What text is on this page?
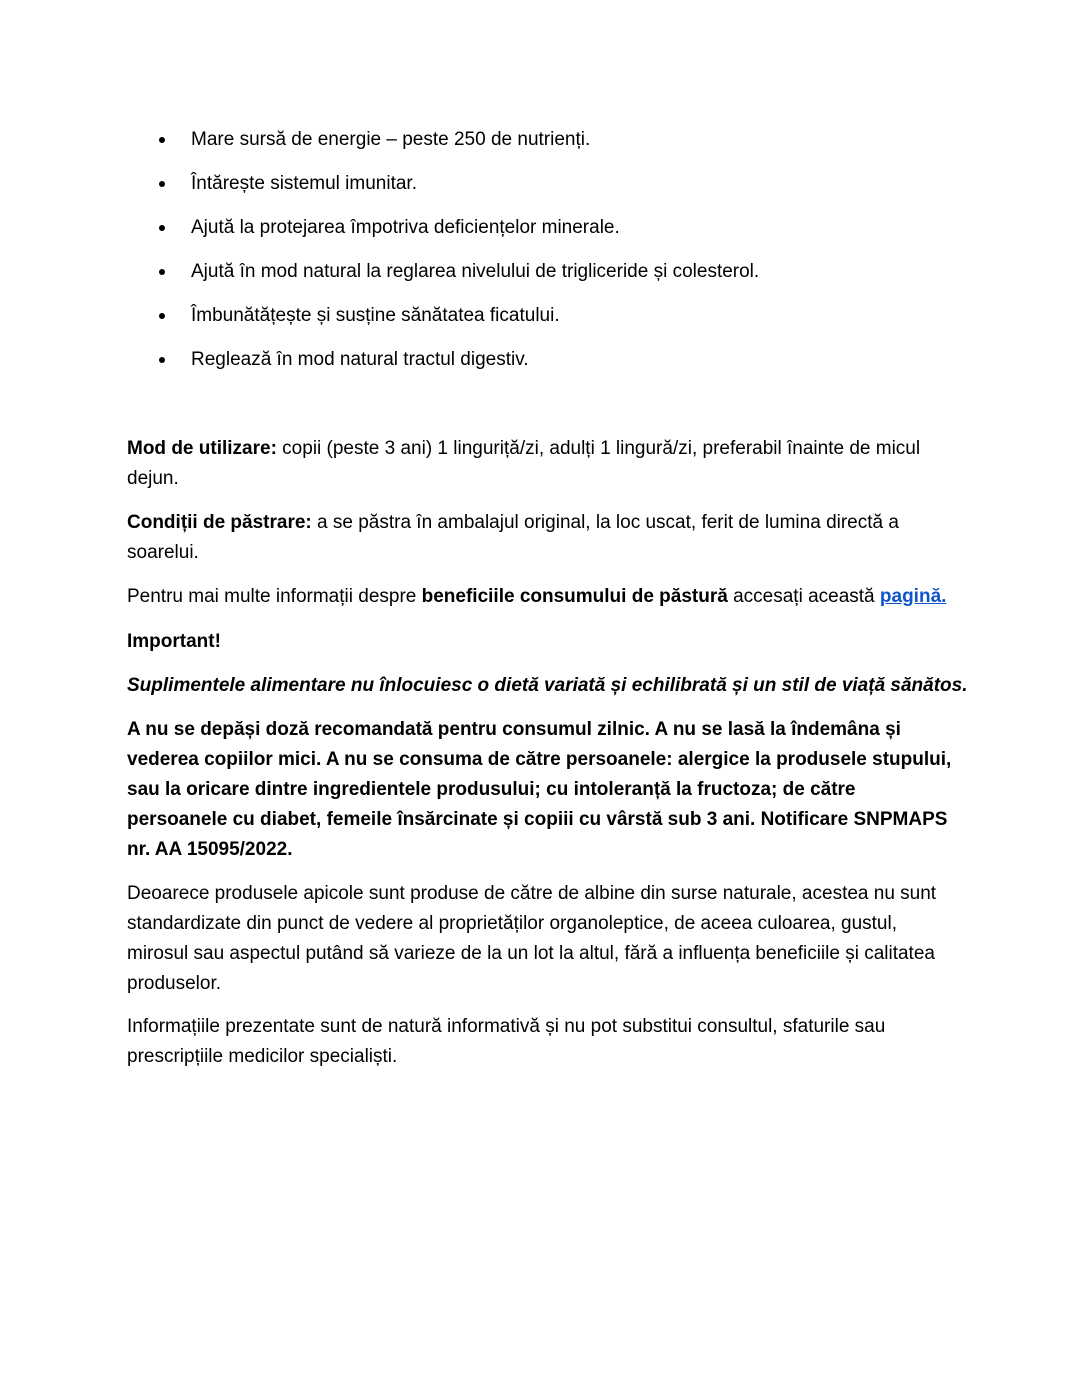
Mare sursă de energie – peste 250 de nutrienți.
Întărește sistemul imunitar.
Ajută la protejarea împotriva deficiențelor minerale.
Ajută în mod natural la reglarea nivelului de trigliceride și colesterol.
Îmbunătățește și susține sănătatea ficatului.
Reglează în mod natural tractul digestiv.

Mod de utilizare: copii (peste 3 ani) 1 linguriță/zi, adulți 1 lingură/zi, preferabil înainte de micul dejun.

Condiții de păstrare: a se păstra în ambalajul original, la loc uscat, ferit de lumina directă a soarelui.

Pentru mai multe informații despre beneficiile consumului de păstură accesați această pagină.

Important!

Suplimentele alimentare nu înlocuiesc o dietă variată și echilibrată și un stil de viață sănătos.

A nu se depăși doză recomandată pentru consumul zilnic. A nu se lasă la îndemâna și vederea copiilor mici. A nu se consuma de către persoanele: alergice la produsele stupului, sau la oricare dintre ingredientele produsului; cu intoleranță la fructoza; de către persoanele cu diabet, femeile însărcinate și copiii cu vârstă sub 3 ani. Notificare SNPMAPS nr. AA 15095/2022.

Deoarece produsele apicole sunt produse de către de albine din surse naturale, acestea nu sunt standardizate din punct de vedere al proprietăților organoleptice, de aceea culoarea, gustul, mirosul sau aspectul putând să varieze de la un lot la altul, fără a influența beneficiile și calitatea produselor.

Informațiile prezentate sunt de natură informativă și nu pot substitui consultul, sfaturile sau prescripțiile medicilor specialiști.
